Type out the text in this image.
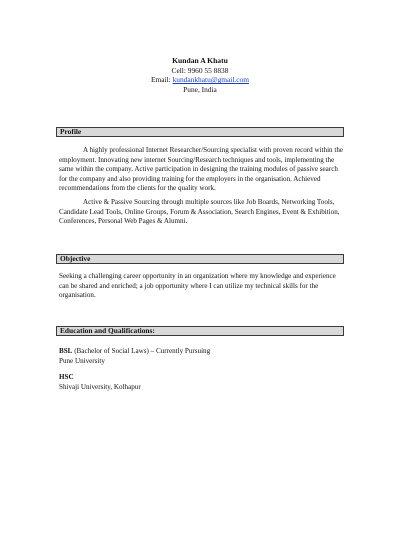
Kundan A Khatu
Cell: 9960 55 8838
Email: kundankhatu@gmail.com
Pune, India
Profile
A highly professional Internet Researcher/Sourcing specialist with proven record within the employment. Innovating new internet Sourcing/Research techniques and tools, implementing the same within the company. Active participation in designing the training modules of passive search for the company and also providing training for the employers in the organisation. Achieved recommendations from the clients for the quality work.
Active & Passive Sourcing through multiple sources like Job Boards, Networking Tools, Candidate Lead Tools, Online Groups, Forum & Association, Search Engines, Event & Exhibition, Conferences, Personal Web Pages & Alumni.
Objective
Seeking a challenging career opportunity in an organization where my knowledge and experience can be shared and enriched; a job opportunity where I can utilize my technical skills for the organisation.
Education and Qualifications:
BSL (Bachelor of Social Laws) – Currently Pursuing
Pune University
HSC
Shivaji University, Kolhapur
